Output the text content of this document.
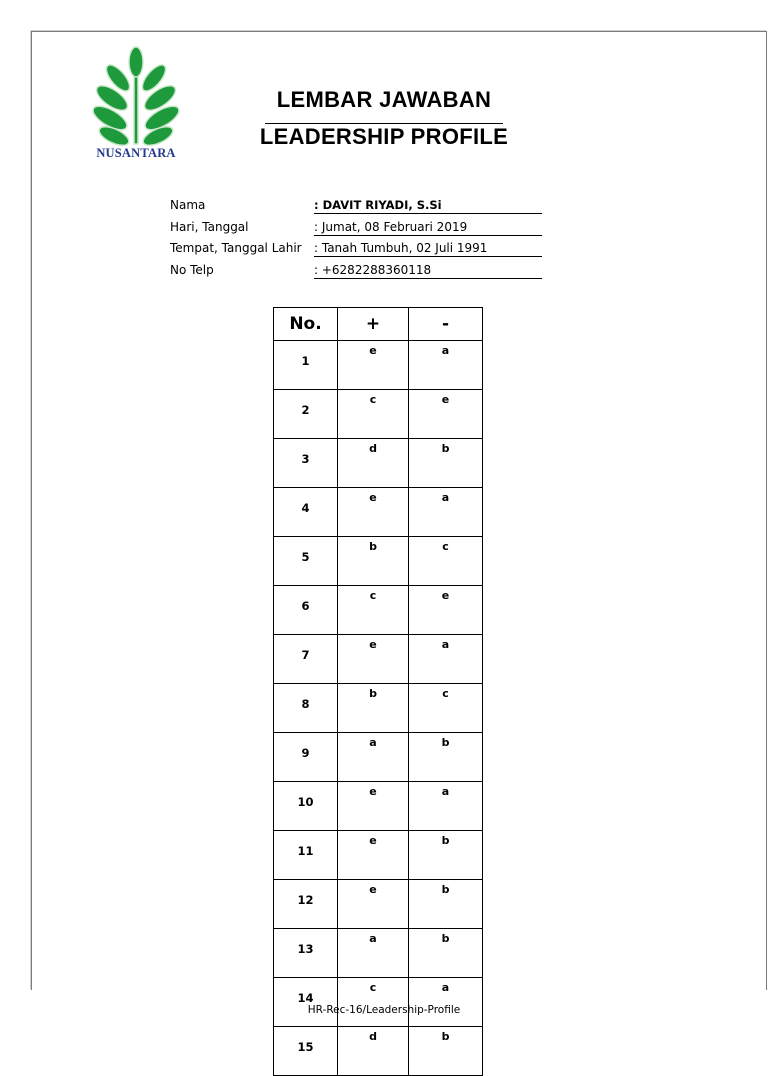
NUSANTARA
LEMBAR JAWABAN
LEADERSHIP PROFILE
Nama	: DAVIT RIYADI, S.Si
Hari, Tanggal	: Jumat, 08 Februari 2019
Tempat, Tanggal Lahir : Tanah Tumbuh, 02 Juli 1991
No Telp	: +6282288360118
No.	+	-
1	e	a
2	c	e
3	d	b
4	e	a
5	b	c
6	c	e
7	e	a
8	b	c
9	a	b
10	e	a
11	e	b
12	e	b
13	a	b
14	c	a
15	d	b
HR-Rec-16/Leadership-Profile
